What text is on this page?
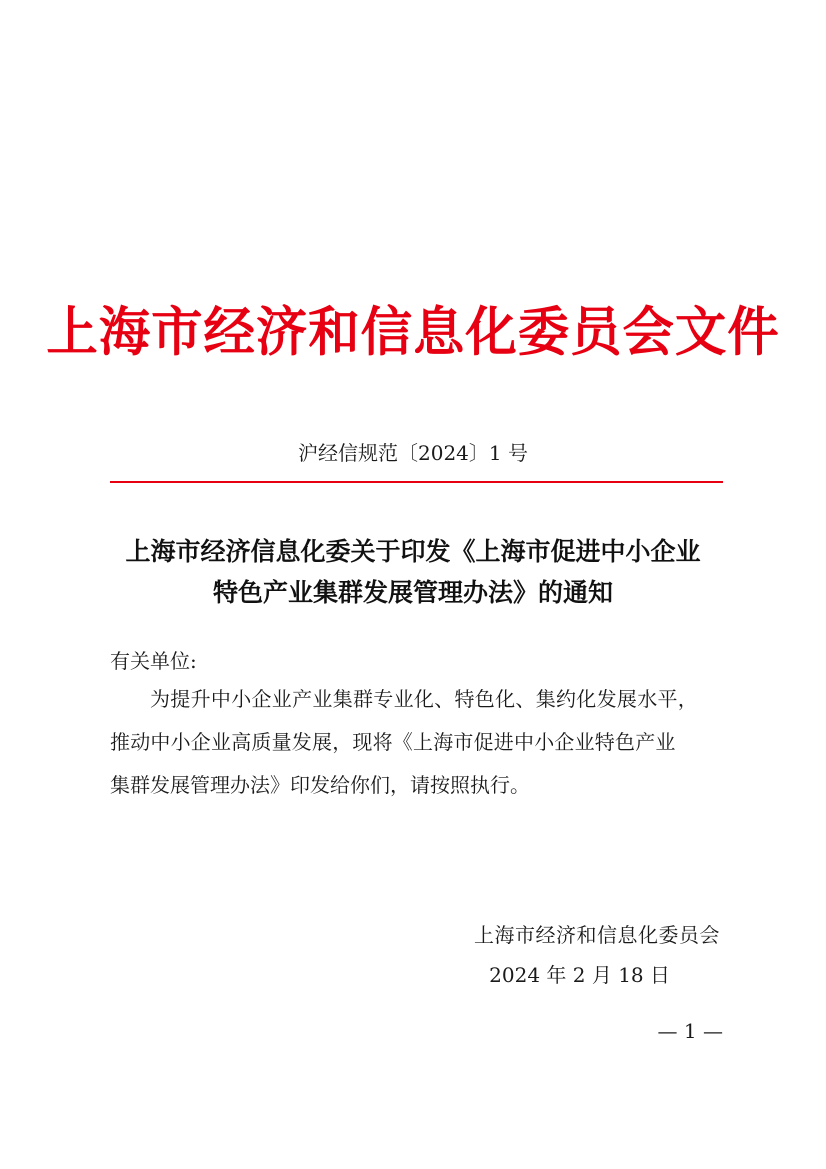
上海市经济和信息化委员会文件
沪经信规范〔2024〕1 号
上海市经济信息化委关于印发《上海市促进中小企业
特色产业集群发展管理办法》的通知
有关单位:
为提升中小企业产业集群专业化、特色化、集约化发展水平，
推动中小企业高质量发展，现将《上海市促进中小企业特色产业
集群发展管理办法》印发给你们，请按照执行。
上海市经济和信息化委员会
2024 年 2 月 18 日
— 1 —
